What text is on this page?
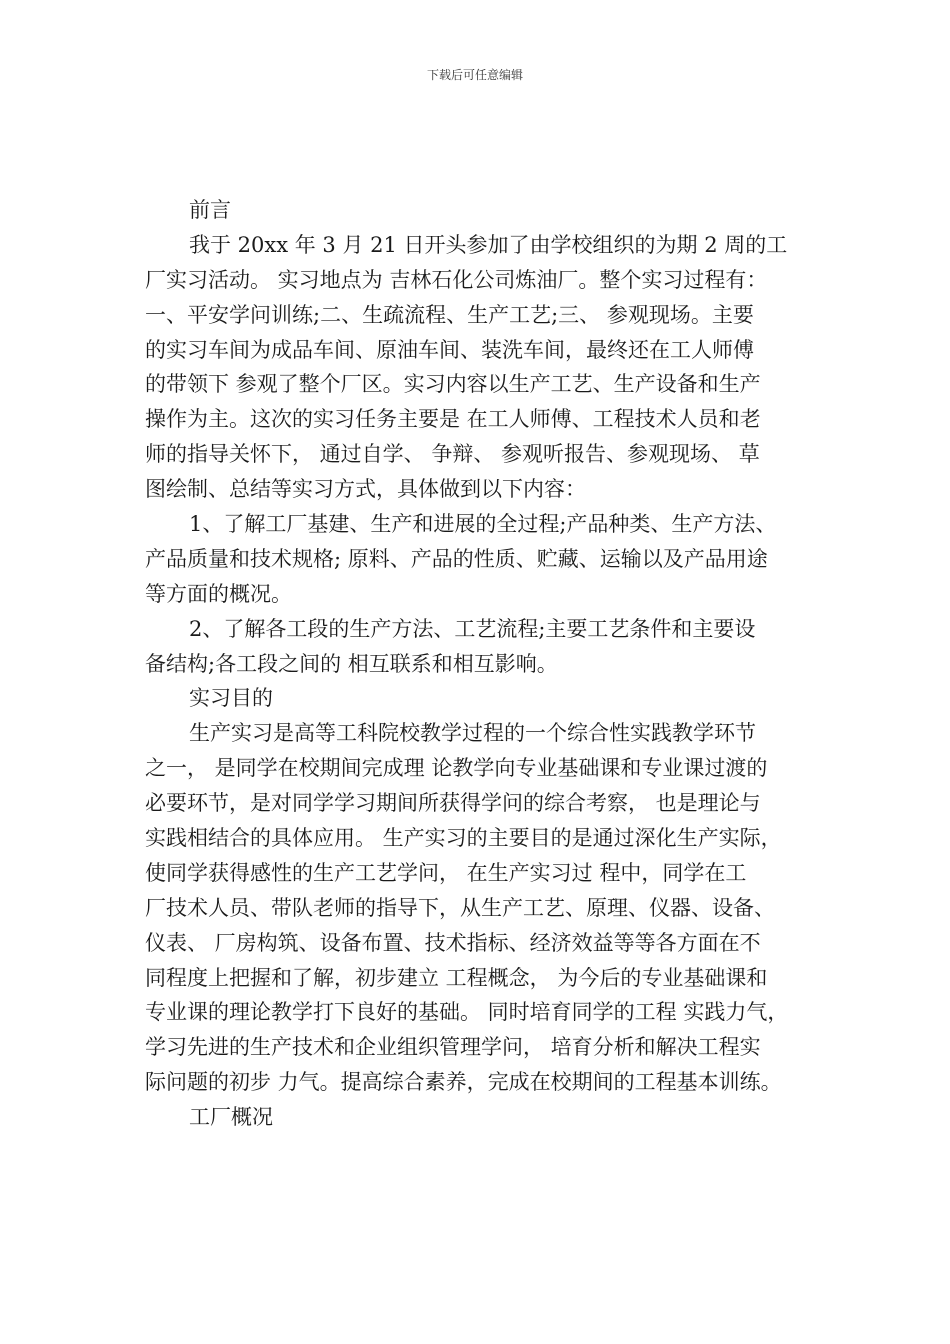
下载后可任意编辑
前言
我于 20xx 年 3 月 21 日开头参加了由学校组织的为期 2 周的工
厂实习活动。 实习地点为 吉林石化公司炼油厂。整个实习过程有：
一、平安学问训练;二、生疏流程、生产工艺;三、 参观现场。主要
的实习车间为成品车间、原油车间、装洗车间，最终还在工人师傅
的带领下 参观了整个厂区。实习内容以生产工艺、生产设备和生产
操作为主。这次的实习任务主要是 在工人师傅、工程技术人员和老
师的指导关怀下， 通过自学、 争辩、 参观听报告、参观现场、 草
图绘制、总结等实习方式，具体做到以下内容：
1、了解工厂基建、生产和进展的全过程;产品种类、生产方法、
产品质量和技术规格; 原料、产品的性质、贮藏、运输以及产品用途
等方面的概况。
2、了解各工段的生产方法、工艺流程;主要工艺条件和主要设
备结构;各工段之间的 相互联系和相互影响。
实习目的
生产实习是高等工科院校教学过程的一个综合性实践教学环节
之一， 是同学在校期间完成理 论教学向专业基础课和专业课过渡的
必要环节，是对同学学习期间所获得学问的综合考察， 也是理论与
实践相结合的具体应用。 生产实习的主要目的是通过深化生产实际，
使同学获得感性的生产工艺学问， 在生产实习过 程中，同学在工
厂技术人员、带队老师的指导下，从生产工艺、原理、仪器、设备、
仪表、 厂房构筑、设备布置、技术指标、经济效益等等各方面在不
同程度上把握和了解，初步建立 工程概念， 为今后的专业基础课和
专业课的理论教学打下良好的基础。 同时培育同学的工程 实践力气，
学习先进的生产技术和企业组织管理学问， 培育分析和解决工程实
际问题的初步 力气。提高综合素养，完成在校期间的工程基本训练。
工厂概况
